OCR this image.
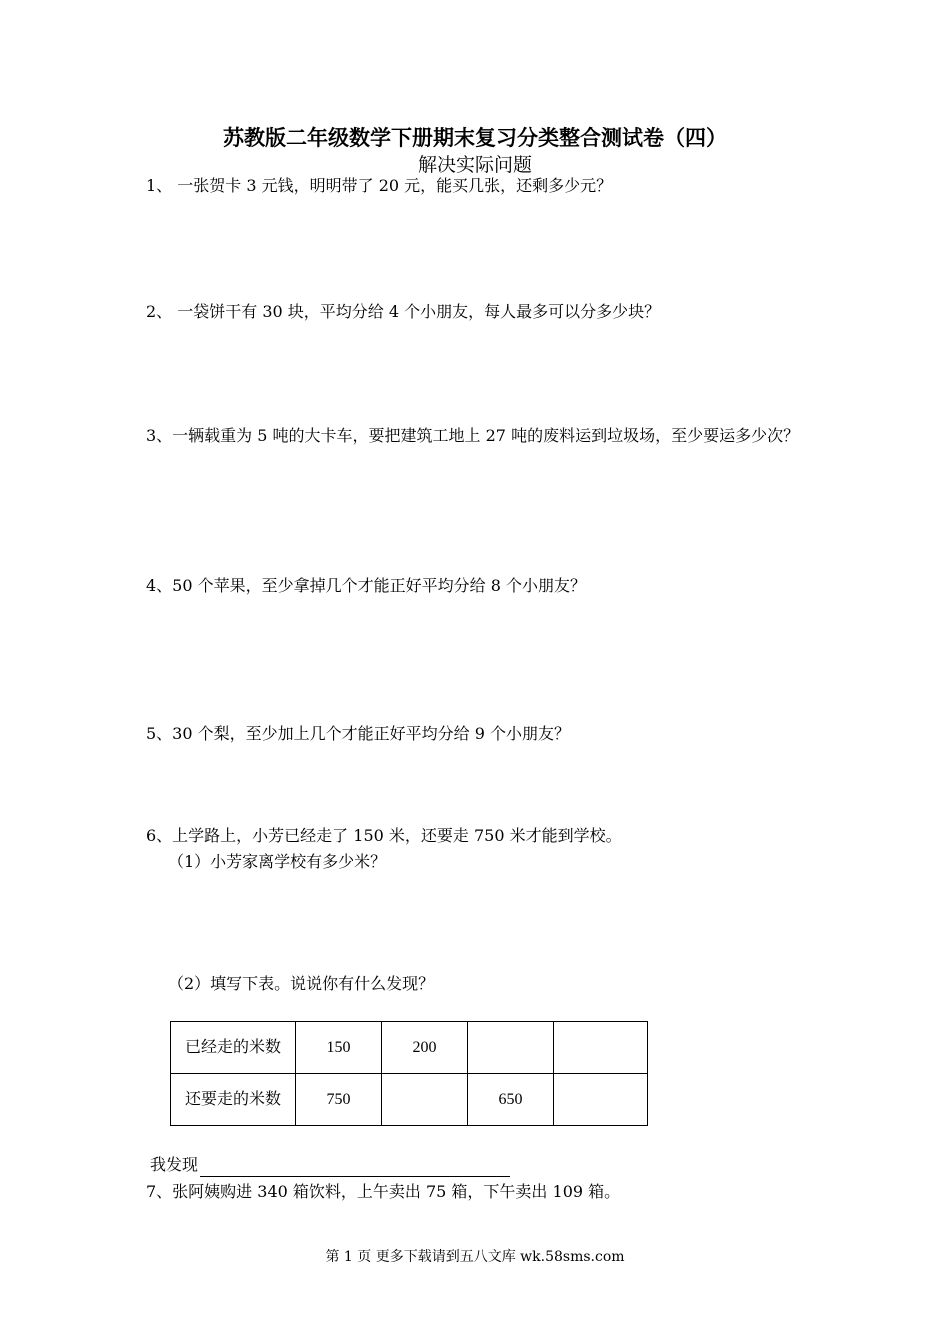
苏教版二年级数学下册期末复习分类整合测试卷（四）
解决实际问题
1、 一张贺卡 3 元钱，明明带了 20 元，能买几张，还剩多少元？
2、 一袋饼干有 30 块，平均分给 4 个小朋友，每人最多可以分多少块？
3、一辆载重为 5 吨的大卡车，要把建筑工地上 27 吨的废料运到垃圾场，至少要运多少次？
4、50 个苹果，至少拿掉几个才能正好平均分给 8 个小朋友？
5、30 个梨，至少加上几个才能正好平均分给 9 个小朋友？
6、上学路上，小芳已经走了 150 米，还要走 750 米才能到学校。
（1）小芳家离学校有多少米？
（2）填写下表。说说你有什么发现？
已经走的米数	150	200		
还要走的米数	750		650	
我发现
7、张阿姨购进 340 箱饮料，上午卖出 75 箱，下午卖出 109 箱。
第 1 页 更多下载请到五八文库 wk.58sms.com
